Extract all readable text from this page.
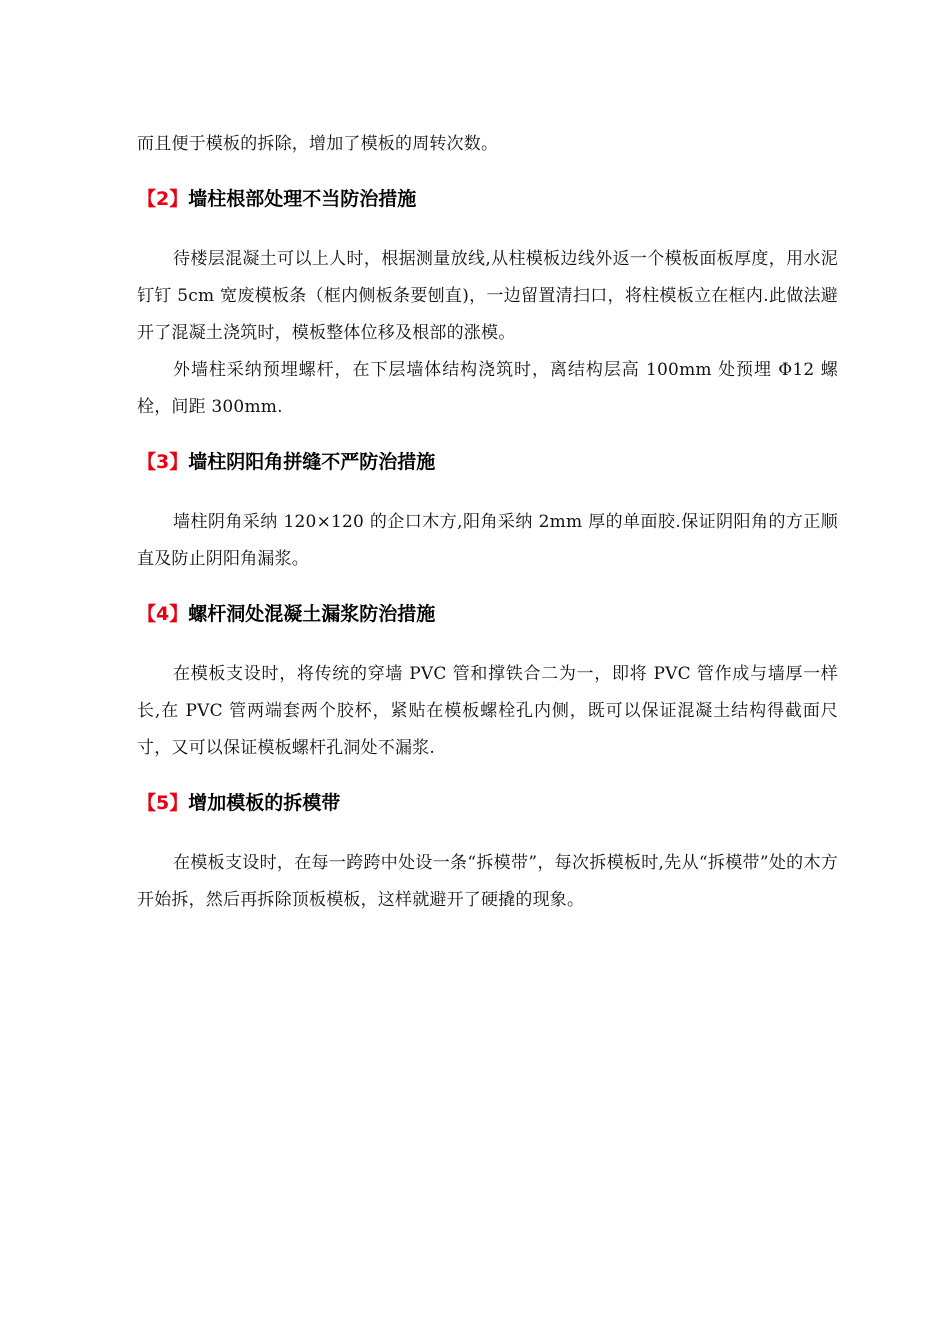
而且便于模板的拆除，增加了模板的周转次数。

【2】墙柱根部处理不当防治措施

待楼层混凝土可以上人时，根据测量放线,从柱模板边线外返一个模板面板厚度，用水泥钉钉 5cm 宽废模板条（框内侧板条要刨直)，一边留置清扫口，将柱模板立在框内.此做法避开了混凝土浇筑时，模板整体位移及根部的涨模。

外墙柱采纳预埋螺杆，在下层墙体结构浇筑时，离结构层高 100mm 处预埋 Φ12 螺栓，间距 300mm.

【3】墙柱阴阳角拼缝不严防治措施

墙柱阴角采纳 120×120 的企口木方,阳角采纳 2mm 厚的单面胶.保证阴阳角的方正顺直及防止阴阳角漏浆。

【4】螺杆洞处混凝土漏浆防治措施

在模板支设时，将传统的穿墙 PVC 管和撑铁合二为一，即将 PVC 管作成与墙厚一样长,在 PVC 管两端套两个胶杯，紧贴在模板螺栓孔内侧，既可以保证混凝土结构得截面尺寸，又可以保证模板螺杆孔洞处不漏浆.

【5】增加模板的拆模带

在模板支设时，在每一跨跨中处设一条“拆模带”，每次拆模板时,先从“拆模带”处的木方开始拆，然后再拆除顶板模板，这样就避开了硬撬的现象。
